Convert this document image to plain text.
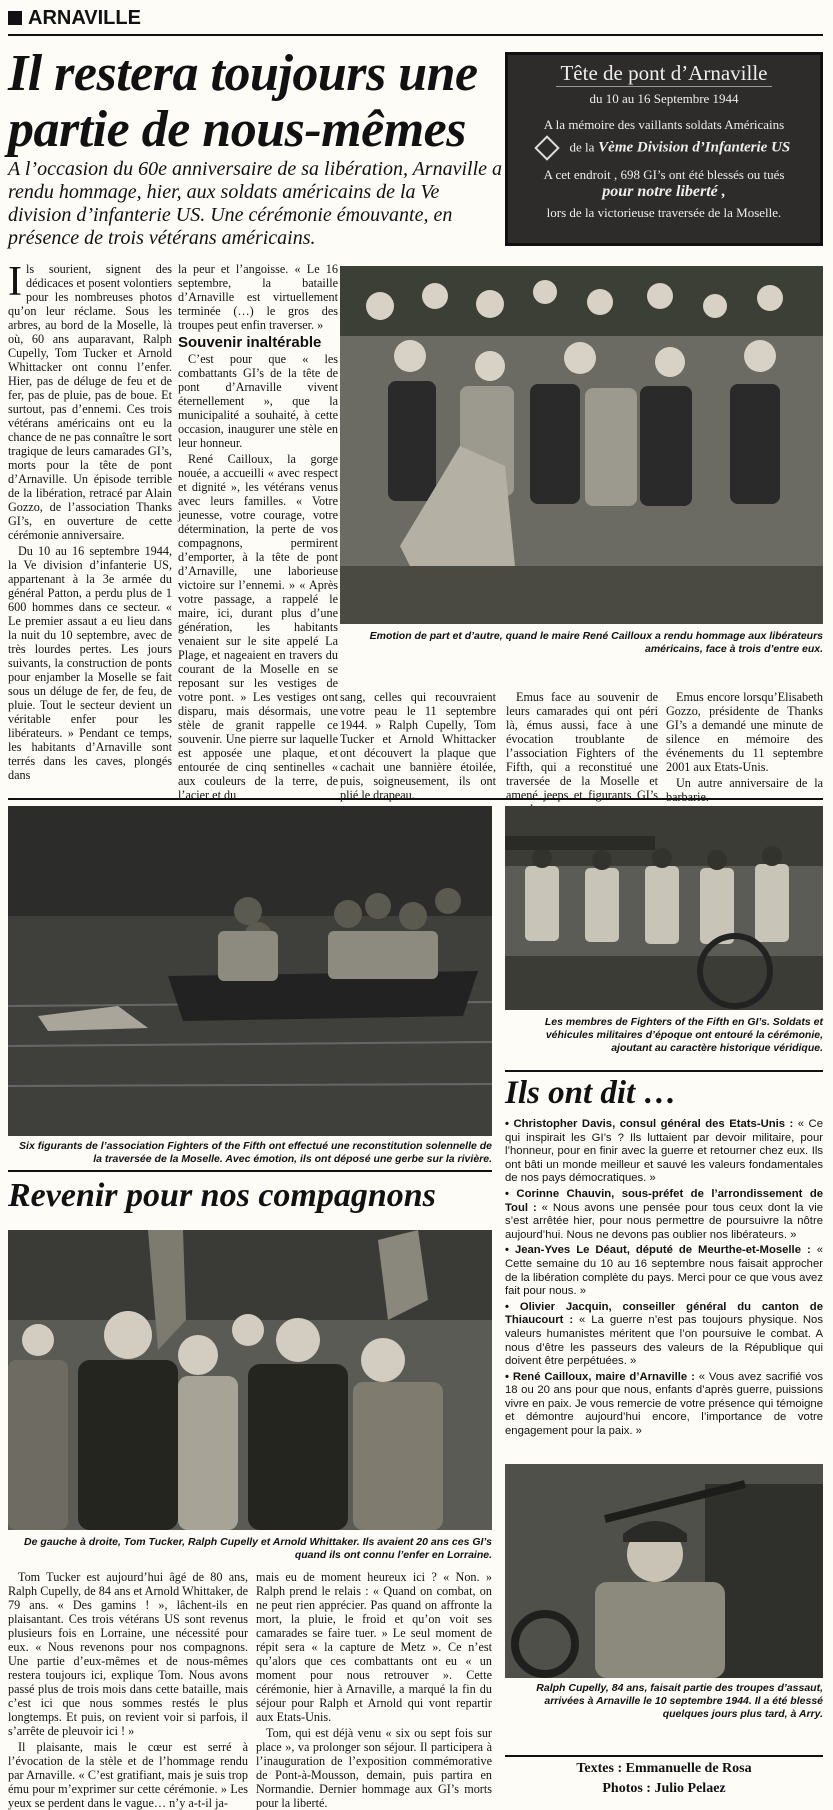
ARNAVILLE
Il restera toujours une partie de nous-mêmes
A l’occasion du 60e anniversaire de sa libération, Arnaville a rendu hommage, hier, aux soldats américains de la Ve division d’infanterie US. Une cérémonie émouvante, en présence de trois vétérans américains.
Tête de pont d’Arnaville
du 10 au 16 Septembre 1944
A la mémoire des vaillants soldats Américains
de la Vème Division d’Infanterie US
A cet endroit , 698 GI’s ont été blessés ou tués
pour notre liberté ,
lors de la victorieuse traversée de la Moselle.

Ils sourient, signent des dédicaces et posent volontiers pour les nombreuses photos qu’on leur réclame. Sous les arbres, au bord de la Moselle, là où, 60 ans auparavant, Ralph Cupelly, Tom Tucker et Arnold Whittacker ont connu l’enfer. Hier, pas de déluge de feu et de fer, pas de pluie, pas de boue. Et surtout, pas d’ennemi. Ces trois vétérans américains ont eu la chance de ne pas connaître le sort tragique de leurs camarades GI’s, morts pour la tête de pont d’Arnaville. Un épisode terrible de la libération, retracé par Alain Gozzo, de l’association Thanks GI’s, en ouverture de cette cérémonie anniversaire.

Du 10 au 16 septembre 1944, la Ve division d’infanterie US, appartenant à la 3e armée du général Patton, a perdu plus de 1 600 hommes dans ce secteur. « Le premier assaut a eu lieu dans la nuit du 10 septembre, avec de très lourdes pertes. Les jours suivants, la construction de ponts pour enjamber la Moselle se fait sous un déluge de fer, de feu, de pluie. Tout le secteur devient un véritable enfer pour les libérateurs. » Pendant ce temps, les habitants d’Arnaville sont terrés dans les caves, plongés dans

la peur et l’angoisse. « Le 16 septembre, la bataille d’Arnaville est virtuellement terminée (…) le gros des troupes peut enfin traverser. »

Souvenir inaltérable

C’est pour que « les combattants GI’s de la tête de pont d’Arnaville vivent éternellement », que la municipalité a souhaité, à cette occasion, inaugurer une stèle en leur honneur.

René Cailloux, la gorge nouée, a accueilli « avec respect et dignité », les vétérans venus avec leurs familles. « Votre jeunesse, votre courage, votre détermination, la perte de vos compagnons, permirent d’emporter, à la tête de pont d’Arnaville, une laborieuse victoire sur l’ennemi. » « Après votre passage, a rappelé le maire, ici, durant plus d’une génération, les habitants venaient sur le site appelé La Plage, et nageaient en travers du courant de la Moselle en se reposant sur les vestiges de votre pont. » Les vestiges ont disparu, mais désormais, une stèle de granit rappelle ce souvenir. Une pierre sur laquelle est apposée une plaque, et entourée de cinq sentinelles « aux couleurs de la terre, de l’acier et du

sang, celles qui recouvraient votre peau le 11 septembre 1944. » Ralph Cupelly, Tom Tucker et Arnold Whittacker ont découvert la plaque que cachait une bannière étoilée, puis, soigneusement, ils ont plié le drapeau.

Emus face au souvenir de leurs camarades qui ont péri là, émus aussi, face à une évocation troublante de l’association Fighters of the Fifth, qui a reconstitué une traversée de la Moselle et amené jeeps et figurants GI’s

Emus encore lorsqu’Elisabeth Gozzo, présidente de Thanks GI’s a demandé une minute de silence en mémoire des événements du 11 septembre 2001 aux Etats-Unis.

Un autre anniversaire de la barbarie.

Emotion de part et d’autre, quand le maire René Cailloux a rendu hommage aux libérateurs américains, face à trois d’entre eux.
Six figurants de l’association Fighters of the Fifth ont effectué une reconstitution solennelle de la traversée de la Moselle. Avec émotion, ils ont déposé une gerbe sur la rivière.
Les membres de Fighters of the Fifth en GI’s. Soldats et véhicules militaires d’époque ont entouré la cérémonie, ajoutant au caractère historique véridique.
Ils ont dit …
• Christopher Davis, consul général des Etats-Unis : « Ce qui inspirait les GI’s ? Ils luttaient par devoir militaire, pour l’honneur, pour en finir avec la guerre et retourner chez eux. Ils ont bâti un monde meilleur et sauvé les valeurs fondamentales de nos pays démocratiques. »
• Corinne Chauvin, sous-préfet de l’arrondissement de Toul : « Nous avons une pensée pour tous ceux dont la vie s’est arrêtée hier, pour nous permettre de poursuivre la nôtre aujourd’hui. Nous ne devons pas oublier nos libérateurs. »
• Jean-Yves Le Déaut, député de Meurthe-et-Moselle : « Cette semaine du 10 au 16 septembre nous faisait approcher de la libération complète du pays. Merci pour ce que vous avez fait pour nous. »
• Olivier Jacquin, conseiller général du canton de Thiaucourt : « La guerre n’est pas toujours physique. Nos valeurs humanistes méritent que l’on poursuive le combat. A nous d’être les passeurs des valeurs de la République qui doivent être perpétuées. »
• René Cailloux, maire d’Arnaville : « Vous avez sacrifié vos 18 ou 20 ans pour que nous, enfants d’après guerre, puissions vivre en paix. Je vous remercie de votre présence qui témoigne et démontre aujourd’hui encore, l’importance de votre engagement pour la paix. »
Ralph Cupelly, 84 ans, faisait partie des troupes d’assaut, arrivées à Arnaville le 10 septembre 1944. Il a été blessé quelques jours plus tard, à Arry.
Revenir pour nos compagnons
De gauche à droite, Tom Tucker, Ralph Cupelly et Arnold Whittaker. Ils avaient 20 ans ces GI’s quand ils ont connu l’enfer en Lorraine.

Tom Tucker est aujourd’hui âgé de 80 ans, Ralph Cupelly, de 84 ans et Arnold Whittaker, de 79 ans. « Des gamins ! », lâchent-ils en plaisantant. Ces trois vétérans US sont revenus plusieurs fois en Lorraine, une nécessité pour eux. « Nous revenons pour nos compagnons. Une partie d’eux-mêmes et de nous-mêmes restera toujours ici, explique Tom. Nous avons passé plus de trois mois dans cette bataille, mais c’est ici que nous sommes restés le plus longtemps. Et puis, on revient voir si parfois, il s’arrête de pleuvoir ici ! »

Il plaisante, mais le cœur est serré à l’évocation de la stèle et de l’hommage rendu par Arnaville. « C’est gratifiant, mais je suis trop ému pour m’exprimer sur cette cérémonie. » Les yeux se perdent dans le vague… n’y a-t-il ja-

mais eu de moment heureux ici ? « Non. » Ralph prend le relais : « Quand on combat, on ne peut rien apprécier. Pas quand on affronte la mort, la pluie, le froid et qu’on voit ses camarades se faire tuer. » Le seul moment de répit sera « la capture de Metz ». Ce n’est qu’alors que ces combattants ont eu « un moment pour nous retrouver ». Cette cérémonie, hier à Arnaville, a marqué la fin du séjour pour Ralph et Arnold qui vont repartir aux Etats-Unis.

Tom, qui est déjà venu « six ou sept fois sur place », va prolonger son séjour. Il participera à l’inauguration de l’exposition commémorative de Pont-à-Mousson, demain, puis partira en Normandie. Dernier hommage aux GI’s morts pour la liberté.

Textes : Emmanuelle de Rosa
Photos : Julio Pelaez
